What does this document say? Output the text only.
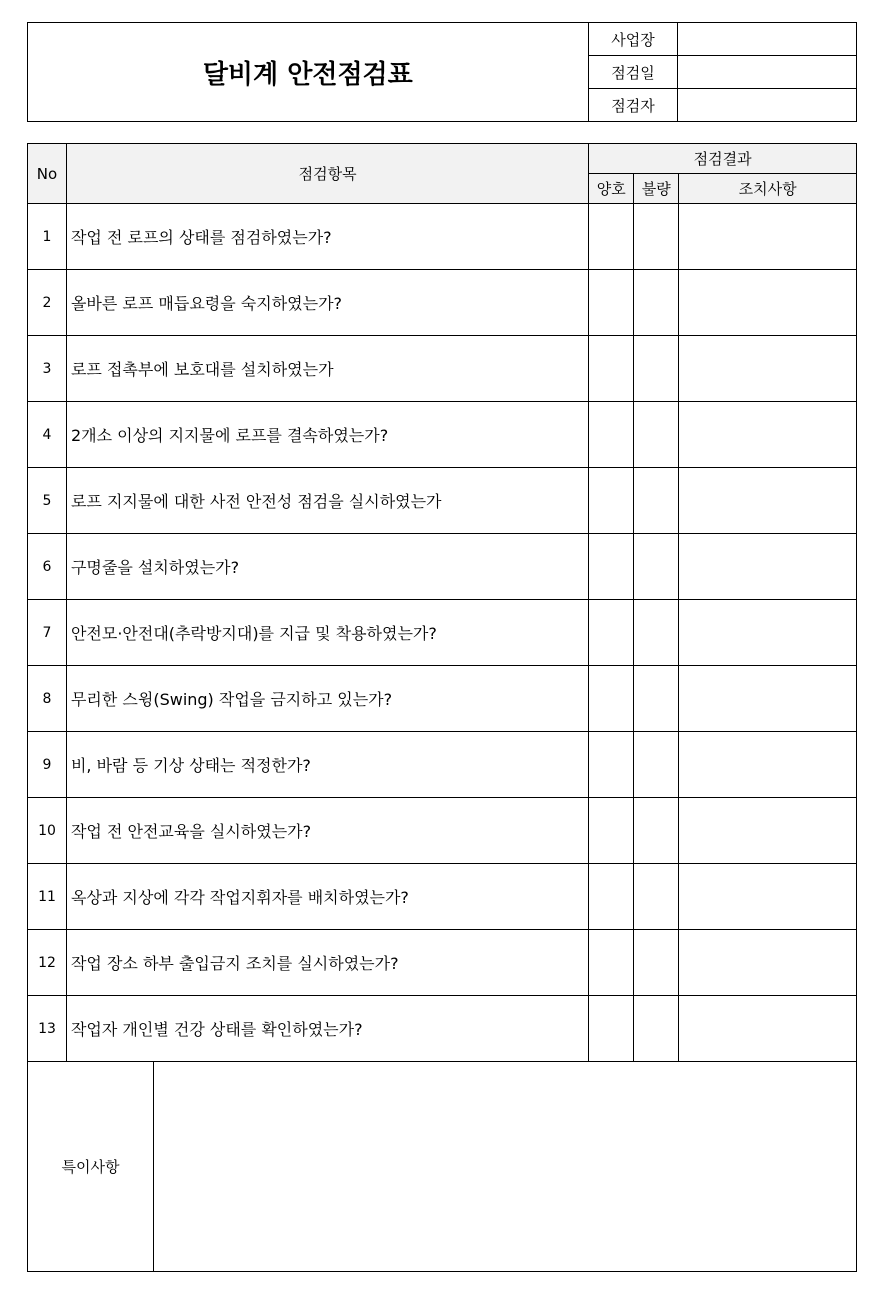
달비계 안전점검표	사업장	
	점검일	
	점검자	
No	점검항목	점검결과		
		양호	불량	조치사항
1	작업 전 로프의 상태를 점검하였는가?			
2	올바른 로프 매듭요령을 숙지하였는가?			
3	로프 접촉부에 보호대를 설치하였는가			
4	2개소 이상의 지지물에 로프를 결속하였는가?			
5	로프 지지물에 대한 사전 안전성 점검을 실시하였는가			
6	구명줄을 설치하였는가?			
7	안전모·안전대(추락방지대)를 지급 및 착용하였는가?			
8	무리한 스윙(Swing) 작업을 금지하고 있는가?			
9	비, 바람 등 기상 상태는 적정한가?			
10	작업 전 안전교육을 실시하였는가?			
11	옥상과 지상에 각각 작업지휘자를 배치하였는가?			
12	작업 장소 하부 출입금지 조치를 실시하였는가?			
13	작업자 개인별 건강 상태를 확인하였는가?			
특이사항	
